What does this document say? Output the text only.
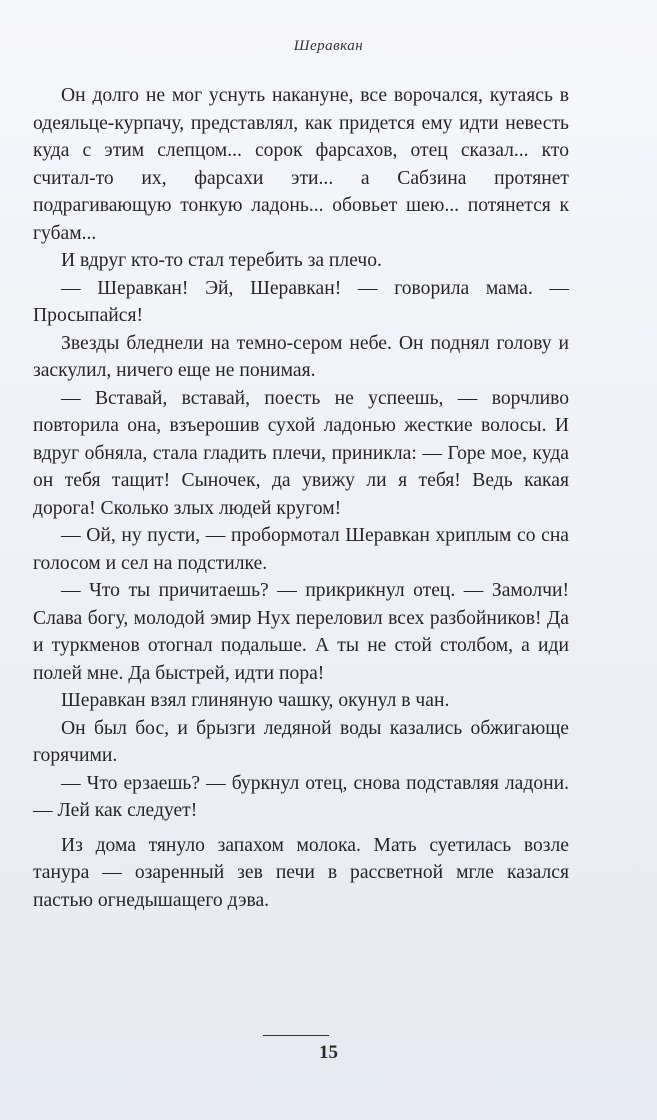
Шеравкан

Он долго не мог уснуть накануне, все ворочался, кутаясь в одеяльце-курпачу, представлял, как придется ему идти невесть куда с этим слепцом... сорок фарсахов, отец сказал... кто считал-то их, фарсахи эти... а Сабзина протянет подрагивающую тонкую ладонь... обовьет шею... потянется к губам...

И вдруг кто-то стал теребить за плечо.

— Шеравкан! Эй, Шеравкан! — говорила мама. — Просыпайся!

Звезды бледнели на темно-сером небе. Он поднял голову и заскулил, ничего еще не понимая.

— Вставай, вставай, поесть не успеешь, — ворчливо повторила она, взъерошив сухой ладонью жесткие волосы. И вдруг обняла, стала гладить плечи, приникла: — Горе мое, куда он тебя тащит! Сыночек, да увижу ли я тебя! Ведь какая дорога! Сколько злых людей кругом!

— Ой, ну пусти, — пробормотал Шеравкан хриплым со сна голосом и сел на подстилке.

— Что ты причитаешь? — прикрикнул отец. — Замолчи! Слава богу, молодой эмир Нух переловил всех разбойников! Да и туркменов отогнал подальше. А ты не стой столбом, а иди полей мне. Да быстрей, идти пора!

Шеравкан взял глиняную чашку, окунул в чан.

Он был бос, и брызги ледяной воды казались обжигающе горячими.

— Что ерзаешь? — буркнул отец, снова подставляя ладони. — Лей как следует!

Из дома тянуло запахом молока. Мать суетилась возле танура — озаренный зев печи в рассветной мгле казался пастью огнедышащего дэва.

15
